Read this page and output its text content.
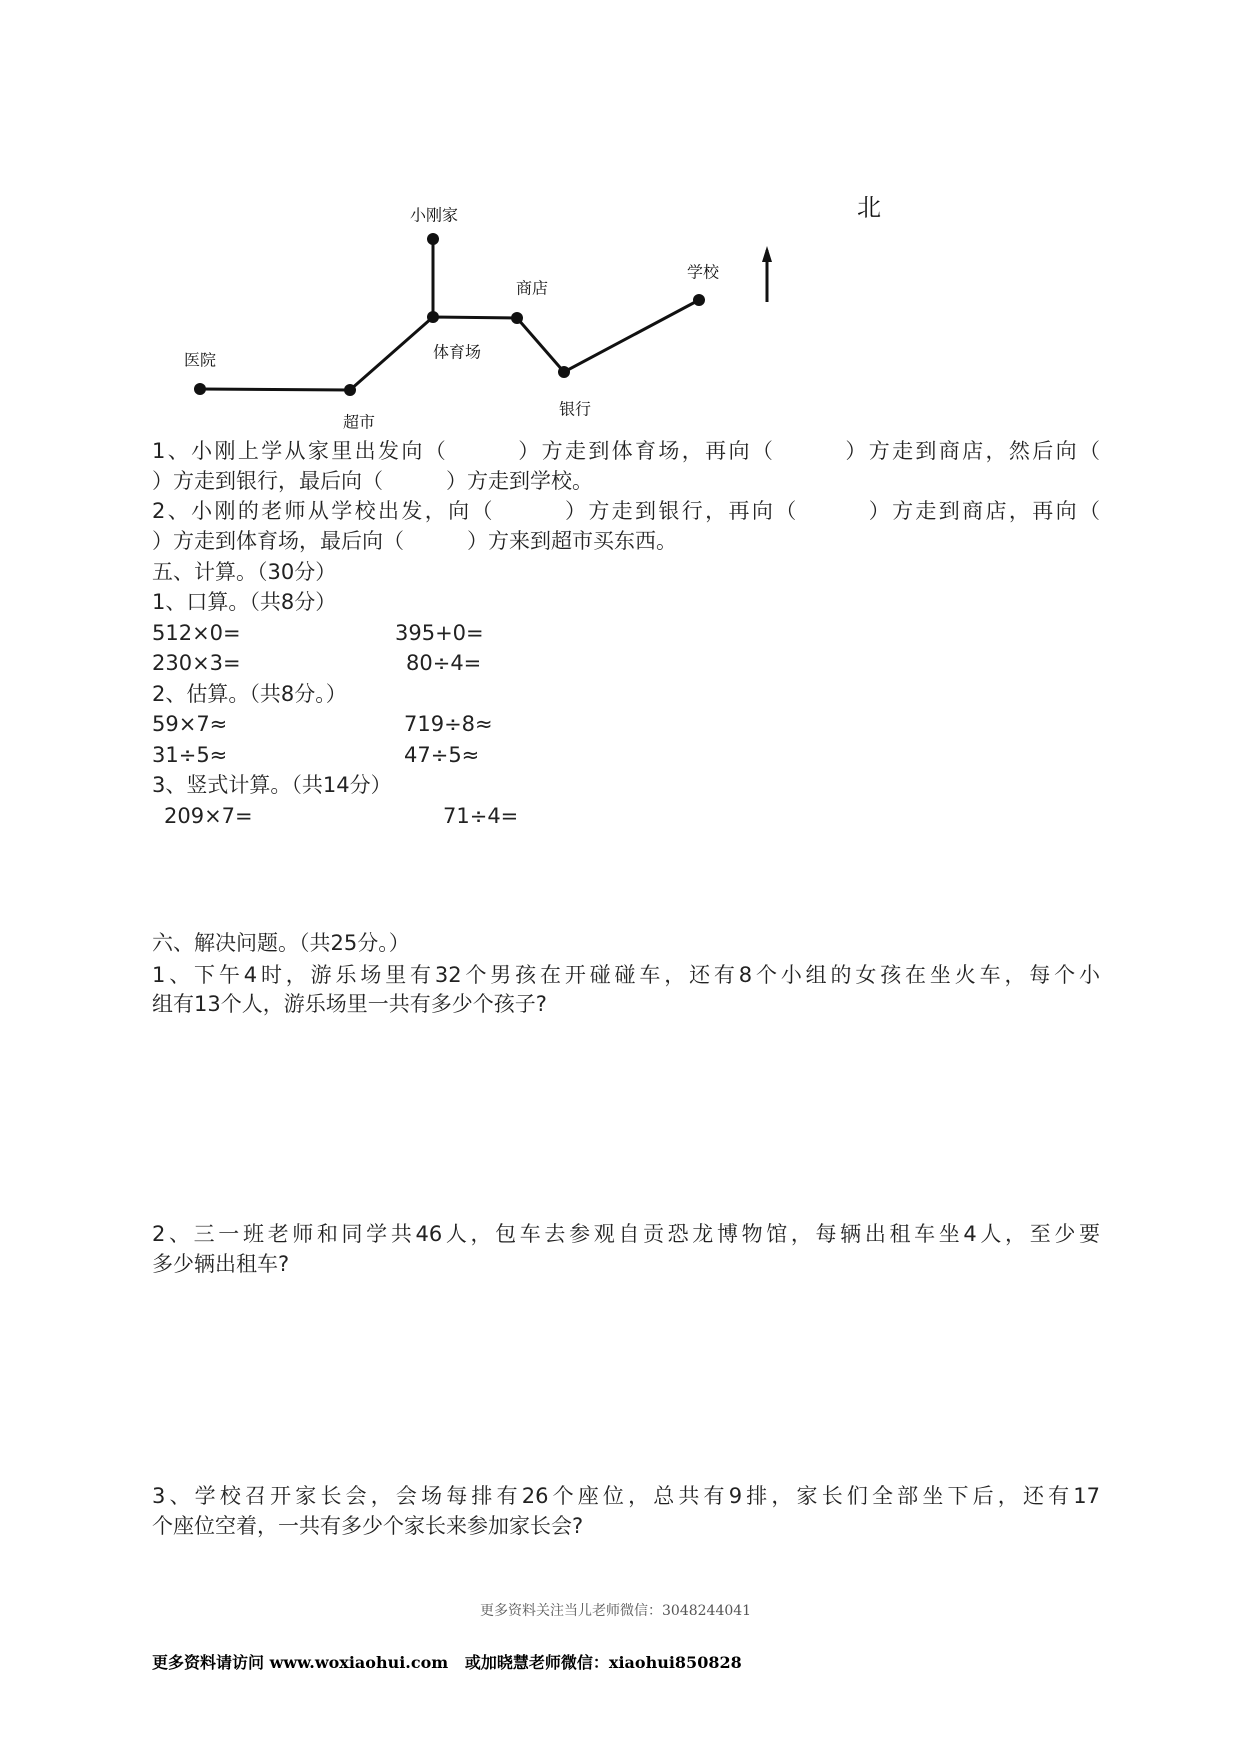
小刚家
体育场
商店
银行
学校
超市
医院
北
1、小刚上学从家里出发向（　　　）方走到体育场，再向（　　　）方走到商店，然后向（
）方走到银行，最后向（　　　）方走到学校。
2、小刚的老师从学校出发，向（　　　）方走到银行，再向（　　　）方走到商店，再向（
）方走到体育场，最后向（　　　）方来到超市买东西。
五、计算。（30分）
1、口算。（共8分）
512×0=	395+0=
230×3=	80÷4=
2、估算。（共8分。）
59×7≈	719÷8≈
31÷5≈	47÷5≈
3、竖式计算。（共14分）
209×7=	71÷4=
六、解决问题。（共25分。）
1、下午4时，游乐场里有32个男孩在开碰碰车，还有8个小组的女孩在坐火车，每个小
组有13个人，游乐场里一共有多少个孩子?
2、三一班老师和同学共46人，包车去参观自贡恐龙博物馆，每辆出租车坐4人，至少要
多少辆出租车?
3、学校召开家长会，会场每排有26个座位，总共有9排，家长们全部坐下后，还有17
个座位空着，一共有多少个家长来参加家长会?
更多资料关注当儿老师微信：3048244041
更多资料请访问 www.woxiaohui.com   或加晓慧老师微信：xiaohui850828
